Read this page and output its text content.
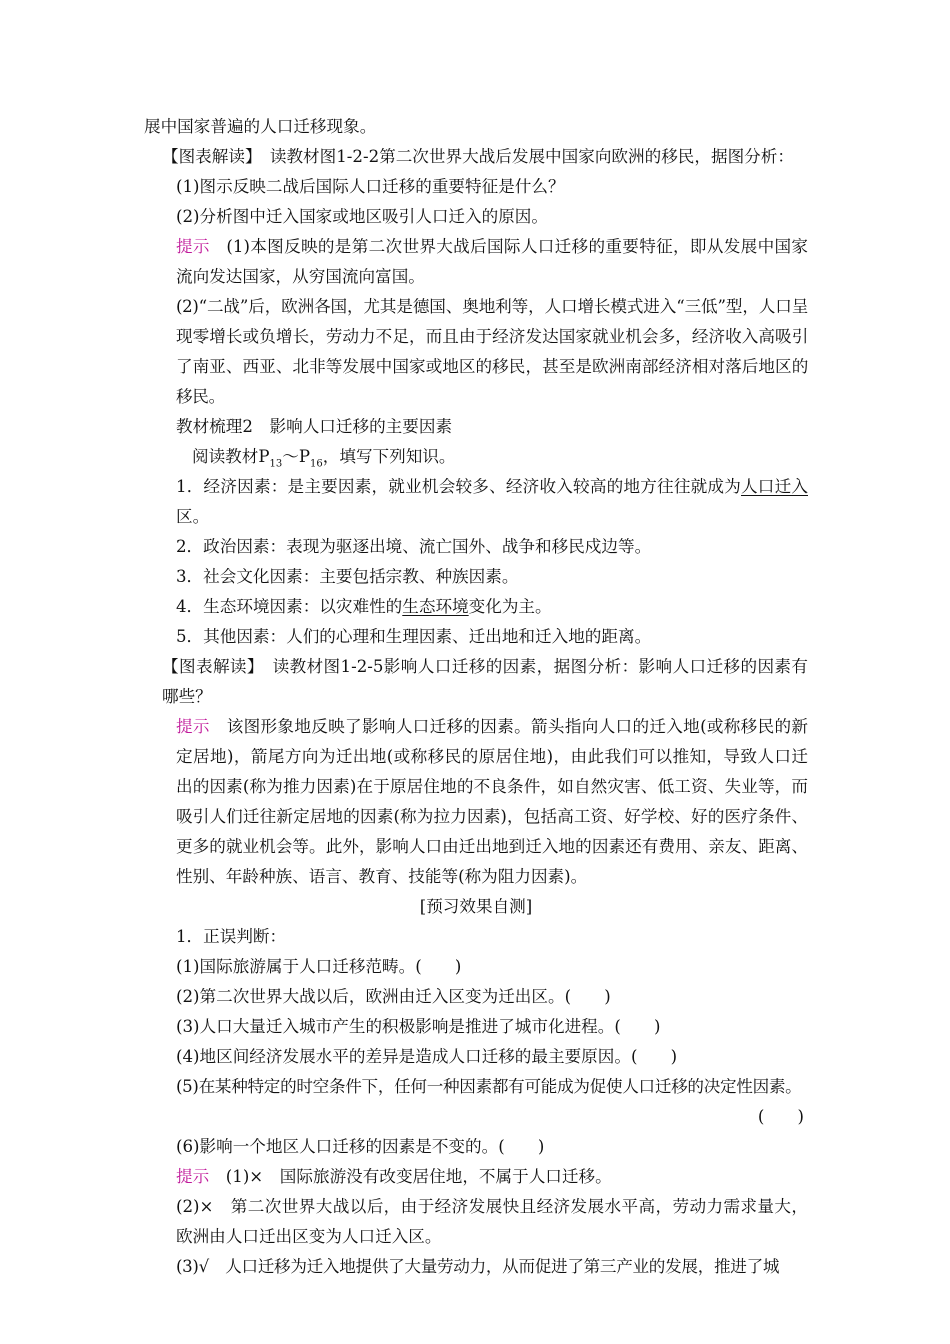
展中国家普遍的人口迁移现象。

【图表解读】  读教材图1-2-2第二次世界大战后发展中国家向欧洲的移民，据图分析：

(1)图示反映二战后国际人口迁移的重要特征是什么？

(2)分析图中迁入国家或地区吸引人口迁入的原因。

提示  (1)本图反映的是第二次世界大战后国际人口迁移的重要特征，即从发展中国家流向发达国家，从穷国流向富国。

(2)“二战”后，欧洲各国，尤其是德国、奥地利等，人口增长模式进入“三低”型，人口呈现零增长或负增长，劳动力不足，而且由于经济发达国家就业机会多，经济收入高吸引了南亚、西亚、北非等发展中国家或地区的移民，甚至是欧洲南部经济相对落后地区的移民。

教材梳理2　影响人口迁移的主要因素

阅读教材$P_{13}\sim P_{16}$，填写下列知识。

1．经济因素：是主要因素，就业机会较多、经济收入较高的地方往往就成为人口迁入区。

2．政治因素：表现为驱逐出境、流亡国外、战争和移民戍边等。

3．社会文化因素：主要包括宗教、种族因素。

4．生态环境因素：以灾难性的生态环境变化为主。

5．其他因素：人们的心理和生理因素、迁出地和迁入地的距离。

【图表解读】  读教材图1-2-5影响人口迁移的因素，据图分析：影响人口迁移的因素有哪些？

提示  该图形象地反映了影响人口迁移的因素。箭头指向人口的迁入地(或称移民的新定居地)，箭尾方向为迁出地(或称移民的原居住地)，由此我们可以推知，导致人口迁出的因素(称为推力因素)在于原居住地的不良条件，如自然灾害、低工资、失业等，而吸引人们迁往新定居地的因素(称为拉力因素)，包括高工资、好学校、好的医疗条件、更多的就业机会等。此外，影响人口由迁出地到迁入地的因素还有费用、亲友、距离、性别、年龄种族、语言、教育、技能等(称为阻力因素)。

[预习效果自测]

1．正误判断：

(1)国际旅游属于人口迁移范畴。(　　)

(2)第二次世界大战以后，欧洲由迁入区变为迁出区。(　　)

(3)人口大量迁入城市产生的积极影响是推进了城市化进程。(　　)

(4)地区间经济发展水平的差异是造成人口迁移的最主要原因。(　　)

(5)在某种特定的时空条件下，任何一种因素都有可能成为促使人口迁移的决定性因素。

(　　)

(6)影响一个地区人口迁移的因素是不变的。(　　)

提示  (1)×　国际旅游没有改变居住地，不属于人口迁移。

(2)×　第二次世界大战以后，由于经济发展快且经济发展水平高，劳动力需求量大，欧洲由人口迁出区变为人口迁入区。

(3)√　人口迁移为迁入地提供了大量劳动力，从而促进了第三产业的发展，推进了城
